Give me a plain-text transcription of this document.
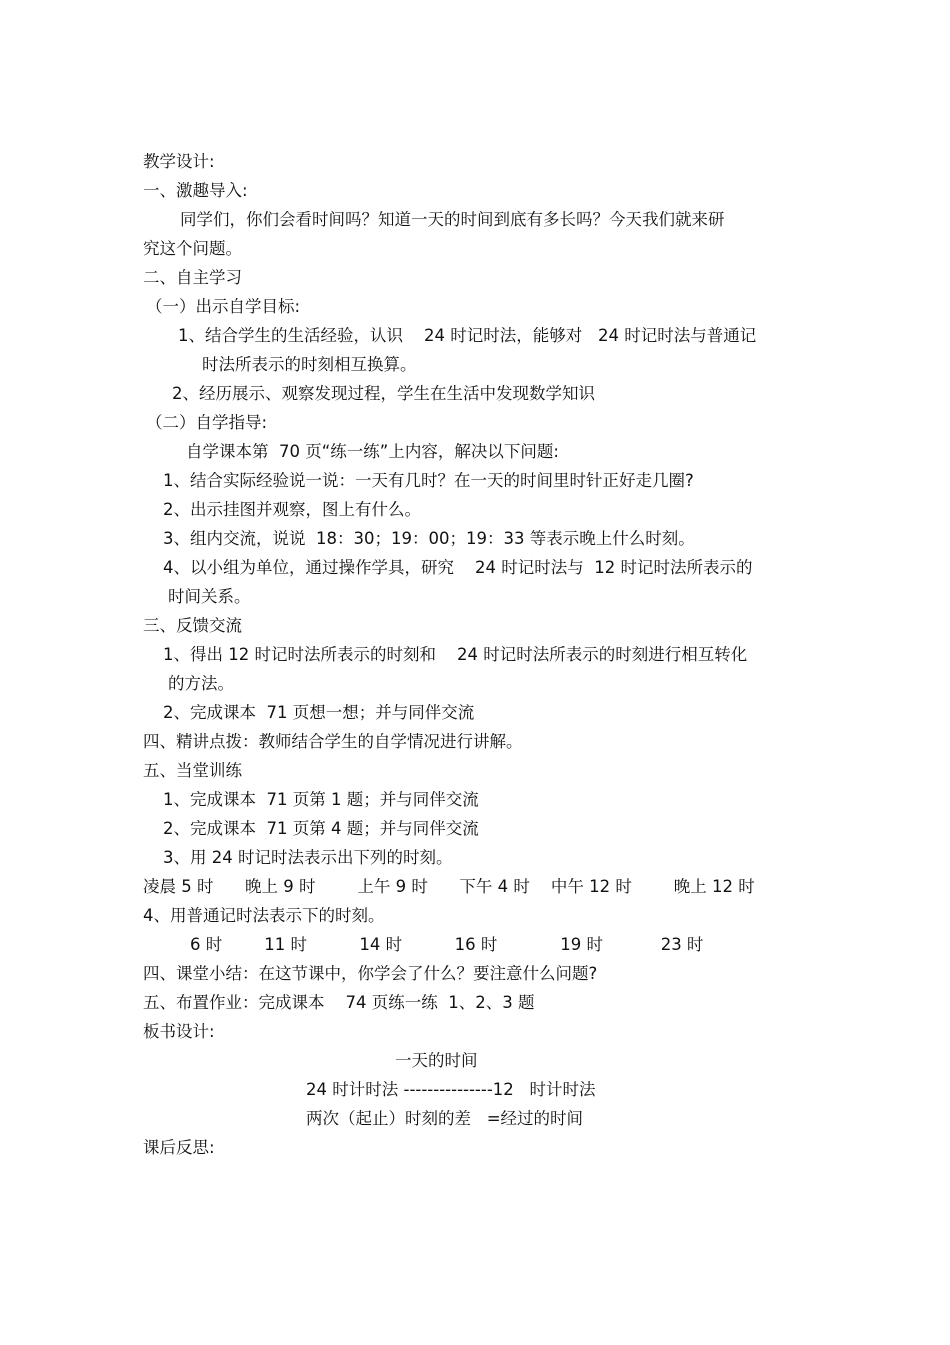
教学设计:
一、激趣导入:
同学们，你们会看时间吗？知道一天的时间到底有多长吗？今天我们就来研
究这个问题。
二、自主学习
（一）出示自学目标:
1、结合学生的生活经验，认识    24 时记时法，能够对   24 时记时法与普通记
时法所表示的时刻相互换算。
2、经历展示、观察发现过程，学生在生活中发现数学知识
（二）自学指导:
自学课本第  70 页“练一练”上内容，解决以下问题:
1、结合实际经验说一说：一天有几时？在一天的时间里时针正好走几圈?
2、出示挂图并观察，图上有什么。
3、组内交流，说说  18：30；19：00；19：33 等表示晚上什么时刻。
4、以小组为单位，通过操作学具，研究    24 时记时法与  12 时记时法所表示的
时间关系。
三、反馈交流
1、得出 12 时记时法所表示的时刻和    24 时记时法所表示的时刻进行相互转化
的方法。
2、完成课本  71 页想一想；并与同伴交流
四、精讲点拨：教师结合学生的自学情况进行讲解。
五、当堂训练
1、完成课本  71 页第 1 题；并与同伴交流
2、完成课本  71 页第 4 题；并与同伴交流
3、用 24 时记时法表示出下列的时刻。
凌晨 5 时      晚上 9 时        上午 9 时      下午 4 时    中午 12 时        晚上 12 时
4、用普通记时法表示下的时刻。
6 时        11 时          14 时          16 时            19 时           23 时
四、课堂小结：在这节课中，你学会了什么？要注意什么问题?
五、布置作业：完成课本    74 页练一练  1、2、3 题
板书设计:
一天的时间
24 时计时法 ---------------12   时计时法
两次（起止）时刻的差   =经过的时间
课后反思:
